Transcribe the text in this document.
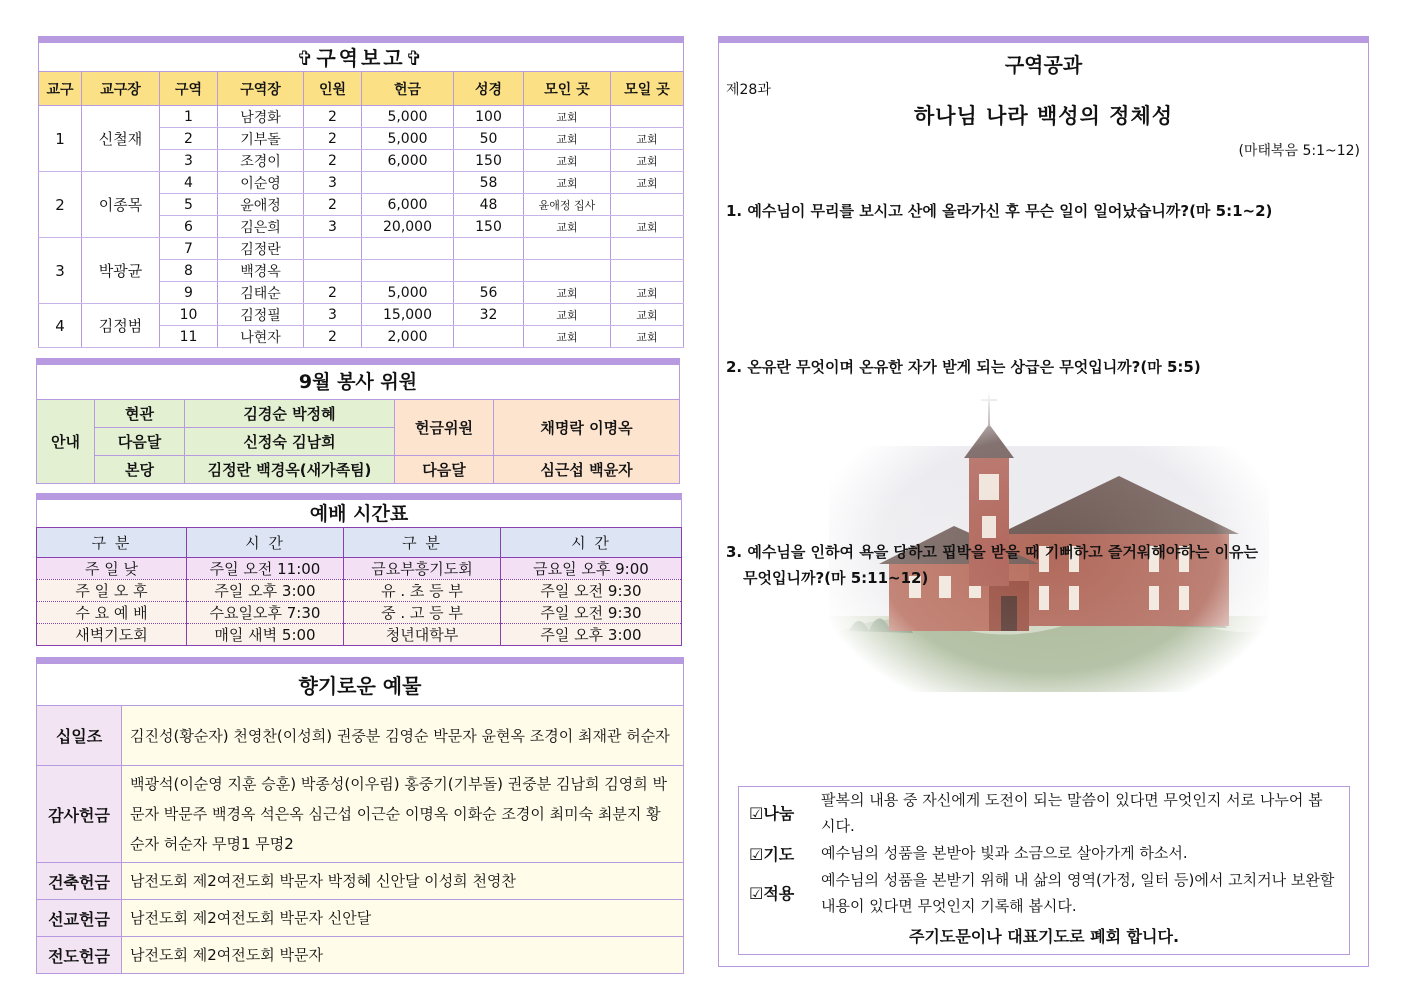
✞구역보고✞
교구	교구장	구역	구역장	인원	헌금	성경	모인 곳	모일 곳
1	신철재	1	남경화	2	5,000	100	교회	
		2	기부돌	2	5,000	50	교회	교회
		3	조경이	2	6,000	150	교회	교회
2	이종목	4	이순영	3		58	교회	교회
		5	윤애정	2	6,000	48	윤애정 집사	
		6	김은희	3	20,000	150	교회	교회
3	박광균	7	김정란					
		8	백경옥					
		9	김태순	2	5,000	56	교회	교회
4	김정범	10	김정필	3	15,000	32	교회	교회
		11	나현자	2	2,000		교회	교회
9월 봉사 위원
안내	현관	김경순 박정혜	헌금위원	채명락 이명옥
	다음달	신정숙 김남희		
	본당	김정란 백경옥(새가족팀)	다음달	심근섭 백윤자
예배 시간표
구 분	시 간	구 분	시 간
주 일 낮	주일 오전 11:00	금요부흥기도회	금요일 오후 9:00
주 일 오 후	주일 오후 3:00	유 . 초 등 부	주일 오전 9:30
수 요 예 배	수요일오후 7:30	중 . 고 등 부	주일 오전 9:30
새벽기도회	매일 새벽 5:00	청년대학부	주일 오후 3:00
향기로운 예물
십일조	김진성(황순자) 천영찬(이성희) 권중분 김영순 박문자 윤현옥 조경이 최재관 허순자
감사헌금	백광석(이순영 지훈 승훈) 박종성(이우림) 홍중기(기부돌) 권중분 김남희 김영희 박문자 박문주 백경옥 석은옥 심근섭 이근순 이명옥 이화순 조경이 최미숙 최분지 황순자 허순자 무명1 무명2
건축헌금	남전도회 제2여전도회 박문자 박정혜 신안달 이성희 천영찬
선교헌금	남전도회 제2여전도회 박문자 신안달
전도헌금	남전도회 제2여전도회 박문자
구역공과
제28과
하나님 나라 백성의 정체성
(마태복음 5:1~12)
1. 예수님이 무리를 보시고 산에 올라가신 후 무슨 일이 일어났습니까?(마 5:1~2)
2. 온유란 무엇이며 온유한 자가 받게 되는 상급은 무엇입니까?(마 5:5)
3. 예수님을 인하여 욕을 당하고 핍박을 받을 때 기뻐하고 즐거워해야하는 이유는
무엇입니까?(마 5:11~12)
☑나눔
팔복의 내용 중 자신에게 도전이 되는 말씀이 있다면 무엇인지 서로 나누어 봅시다.
☑기도 예수님의 성품을 본받아 빛과 소금으로 살아가게 하소서.
☑적용
예수님의 성품을 본받기 위해 내 삶의 영역(가정, 일터 등)에서 고치거나 보완할 내용이 있다면 무엇인지 기록해 봅시다.
주기도문이나 대표기도로 폐회 합니다.
